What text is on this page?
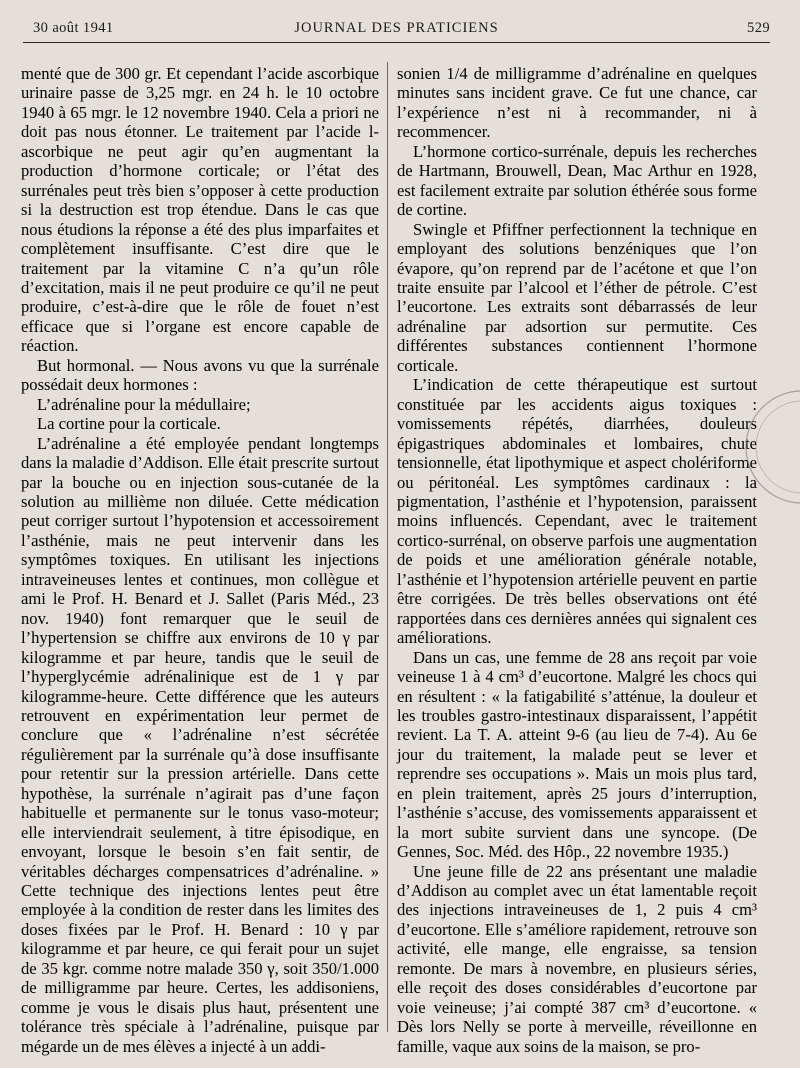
30 août 1941	JOURNAL DES PRATICIENS	529

menté que de 300 gr. Et cependant l’acide ascorbique urinaire passe de 3,25 mgr. en 24 h. le 10 octobre 1940 à 65 mgr. le 12 novembre 1940. Cela a priori ne doit pas nous étonner. Le traitement par l’acide l-ascorbique ne peut agir qu’en augmentant la production d’hormone corticale; or l’état des surrénales peut très bien s’opposer à cette production si la destruction est trop étendue. Dans le cas que nous étudions la réponse a été des plus imparfaites et complètement insuffisante. C’est dire que le traitement par la vitamine C n’a qu’un rôle d’excitation, mais il ne peut produire ce qu’il ne peut produire, c’est-à-dire que le rôle de fouet n’est efficace que si l’organe est encore capable de réaction.

But hormonal. — Nous avons vu que la surrénale possédait deux hormones :

L’adrénaline pour la médullaire;

La cortine pour la corticale.

L’adrénaline a été employée pendant longtemps dans la maladie d’Addison. Elle était prescrite surtout par la bouche ou en injection sous-cutanée de la solution au millième non diluée. Cette médication peut corriger surtout l’hypotension et accessoirement l’asthénie, mais ne peut intervenir dans les symptômes toxiques. En utilisant les injections intraveineuses lentes et continues, mon collègue et ami le Prof. H. Benard et J. Sallet (Paris Méd., 23 nov. 1940) font remarquer que le seuil de l’hypertension se chiffre aux environs de 10 γ par kilogramme et par heure, tandis que le seuil de l’hyperglycémie adrénalinique est de 1 γ par kilogramme-heure. Cette différence que les auteurs retrouvent en expérimentation leur permet de conclure que « l’adrénaline n’est sécrétée régulièrement par la surrénale qu’à dose insuffisante pour retentir sur la pression artérielle. Dans cette hypothèse, la surrénale n’agirait pas d’une façon habituelle et permanente sur le tonus vaso-moteur; elle interviendrait seulement, à titre épisodique, en envoyant, lorsque le besoin s’en fait sentir, de véritables décharges compensatrices d’adrénaline. » Cette technique des injections lentes peut être employée à la condition de rester dans les limites des doses fixées par le Prof. H. Benard : 10 γ par kilogramme et par heure, ce qui ferait pour un sujet de 35 kgr. comme notre malade 350 γ, soit 350/1.000 de milligramme par heure. Certes, les addisoniens, comme je vous le disais plus haut, présentent une tolérance très spéciale à l’adrénaline, puisque par mégarde un de mes élèves a injecté à un addi-

sonien 1/4 de milligramme d’adrénaline en quelques minutes sans incident grave. Ce fut une chance, car l’expérience n’est ni à recommander, ni à recommencer.

L’hormone cortico-surrénale, depuis les recherches de Hartmann, Brouwell, Dean, Mac Arthur en 1928, est facilement extraite par solution éthérée sous forme de cortine.

Swingle et Pfiffner perfectionnent la technique en employant des solutions benzéniques que l’on évapore, qu’on reprend par de l’acétone et que l’on traite ensuite par l’alcool et l’éther de pétrole. C’est l’eucortone. Les extraits sont débarrassés de leur adrénaline par adsortion sur permutite. Ces différentes substances contiennent l’hormone corticale.

L’indication de cette thérapeutique est surtout constituée par les accidents aigus toxiques : vomissements répétés, diarrhées, douleurs épigastriques abdominales et lombaires, chute tensionnelle, état lipothymique et aspect cholériforme ou péritonéal. Les symptômes cardinaux : la pigmentation, l’asthénie et l’hypotension, paraissent moins influencés. Cependant, avec le traitement cortico-surrénal, on observe parfois une augmentation de poids et une amélioration générale notable, l’asthénie et l’hypotension artérielle peuvent en partie être corrigées. De très belles observations ont été rapportées dans ces dernières années qui signalent ces améliorations.

Dans un cas, une femme de 28 ans reçoit par voie veineuse 1 à 4 cm³ d’eucortone. Malgré les chocs qui en résultent : « la fatigabilité s’atténue, la douleur et les troubles gastro-intestinaux disparaissent, l’appétit revient. La T. A. atteint 9-6 (au lieu de 7-4). Au 6e jour du traitement, la malade peut se lever et reprendre ses occupations ». Mais un mois plus tard, en plein traitement, après 25 jours d’interruption, l’asthénie s’accuse, des vomissements apparaissent et la mort subite survient dans une syncope. (De Gennes, Soc. Méd. des Hôp., 22 novembre 1935.)

Une jeune fille de 22 ans présentant une maladie d’Addison au complet avec un état lamentable reçoit des injections intraveineuses de 1, 2 puis 4 cm³ d’eucortone. Elle s’améliore rapidement, retrouve son activité, elle mange, elle engraisse, sa tension remonte. De mars à novembre, en plusieurs séries, elle reçoit des doses considérables d’eucortone par voie veineuse; j’ai compté 387 cm³ d’eucortone. « Dès lors Nelly se porte à merveille, réveillonne en famille, vaque aux soins de la maison, se pro-
